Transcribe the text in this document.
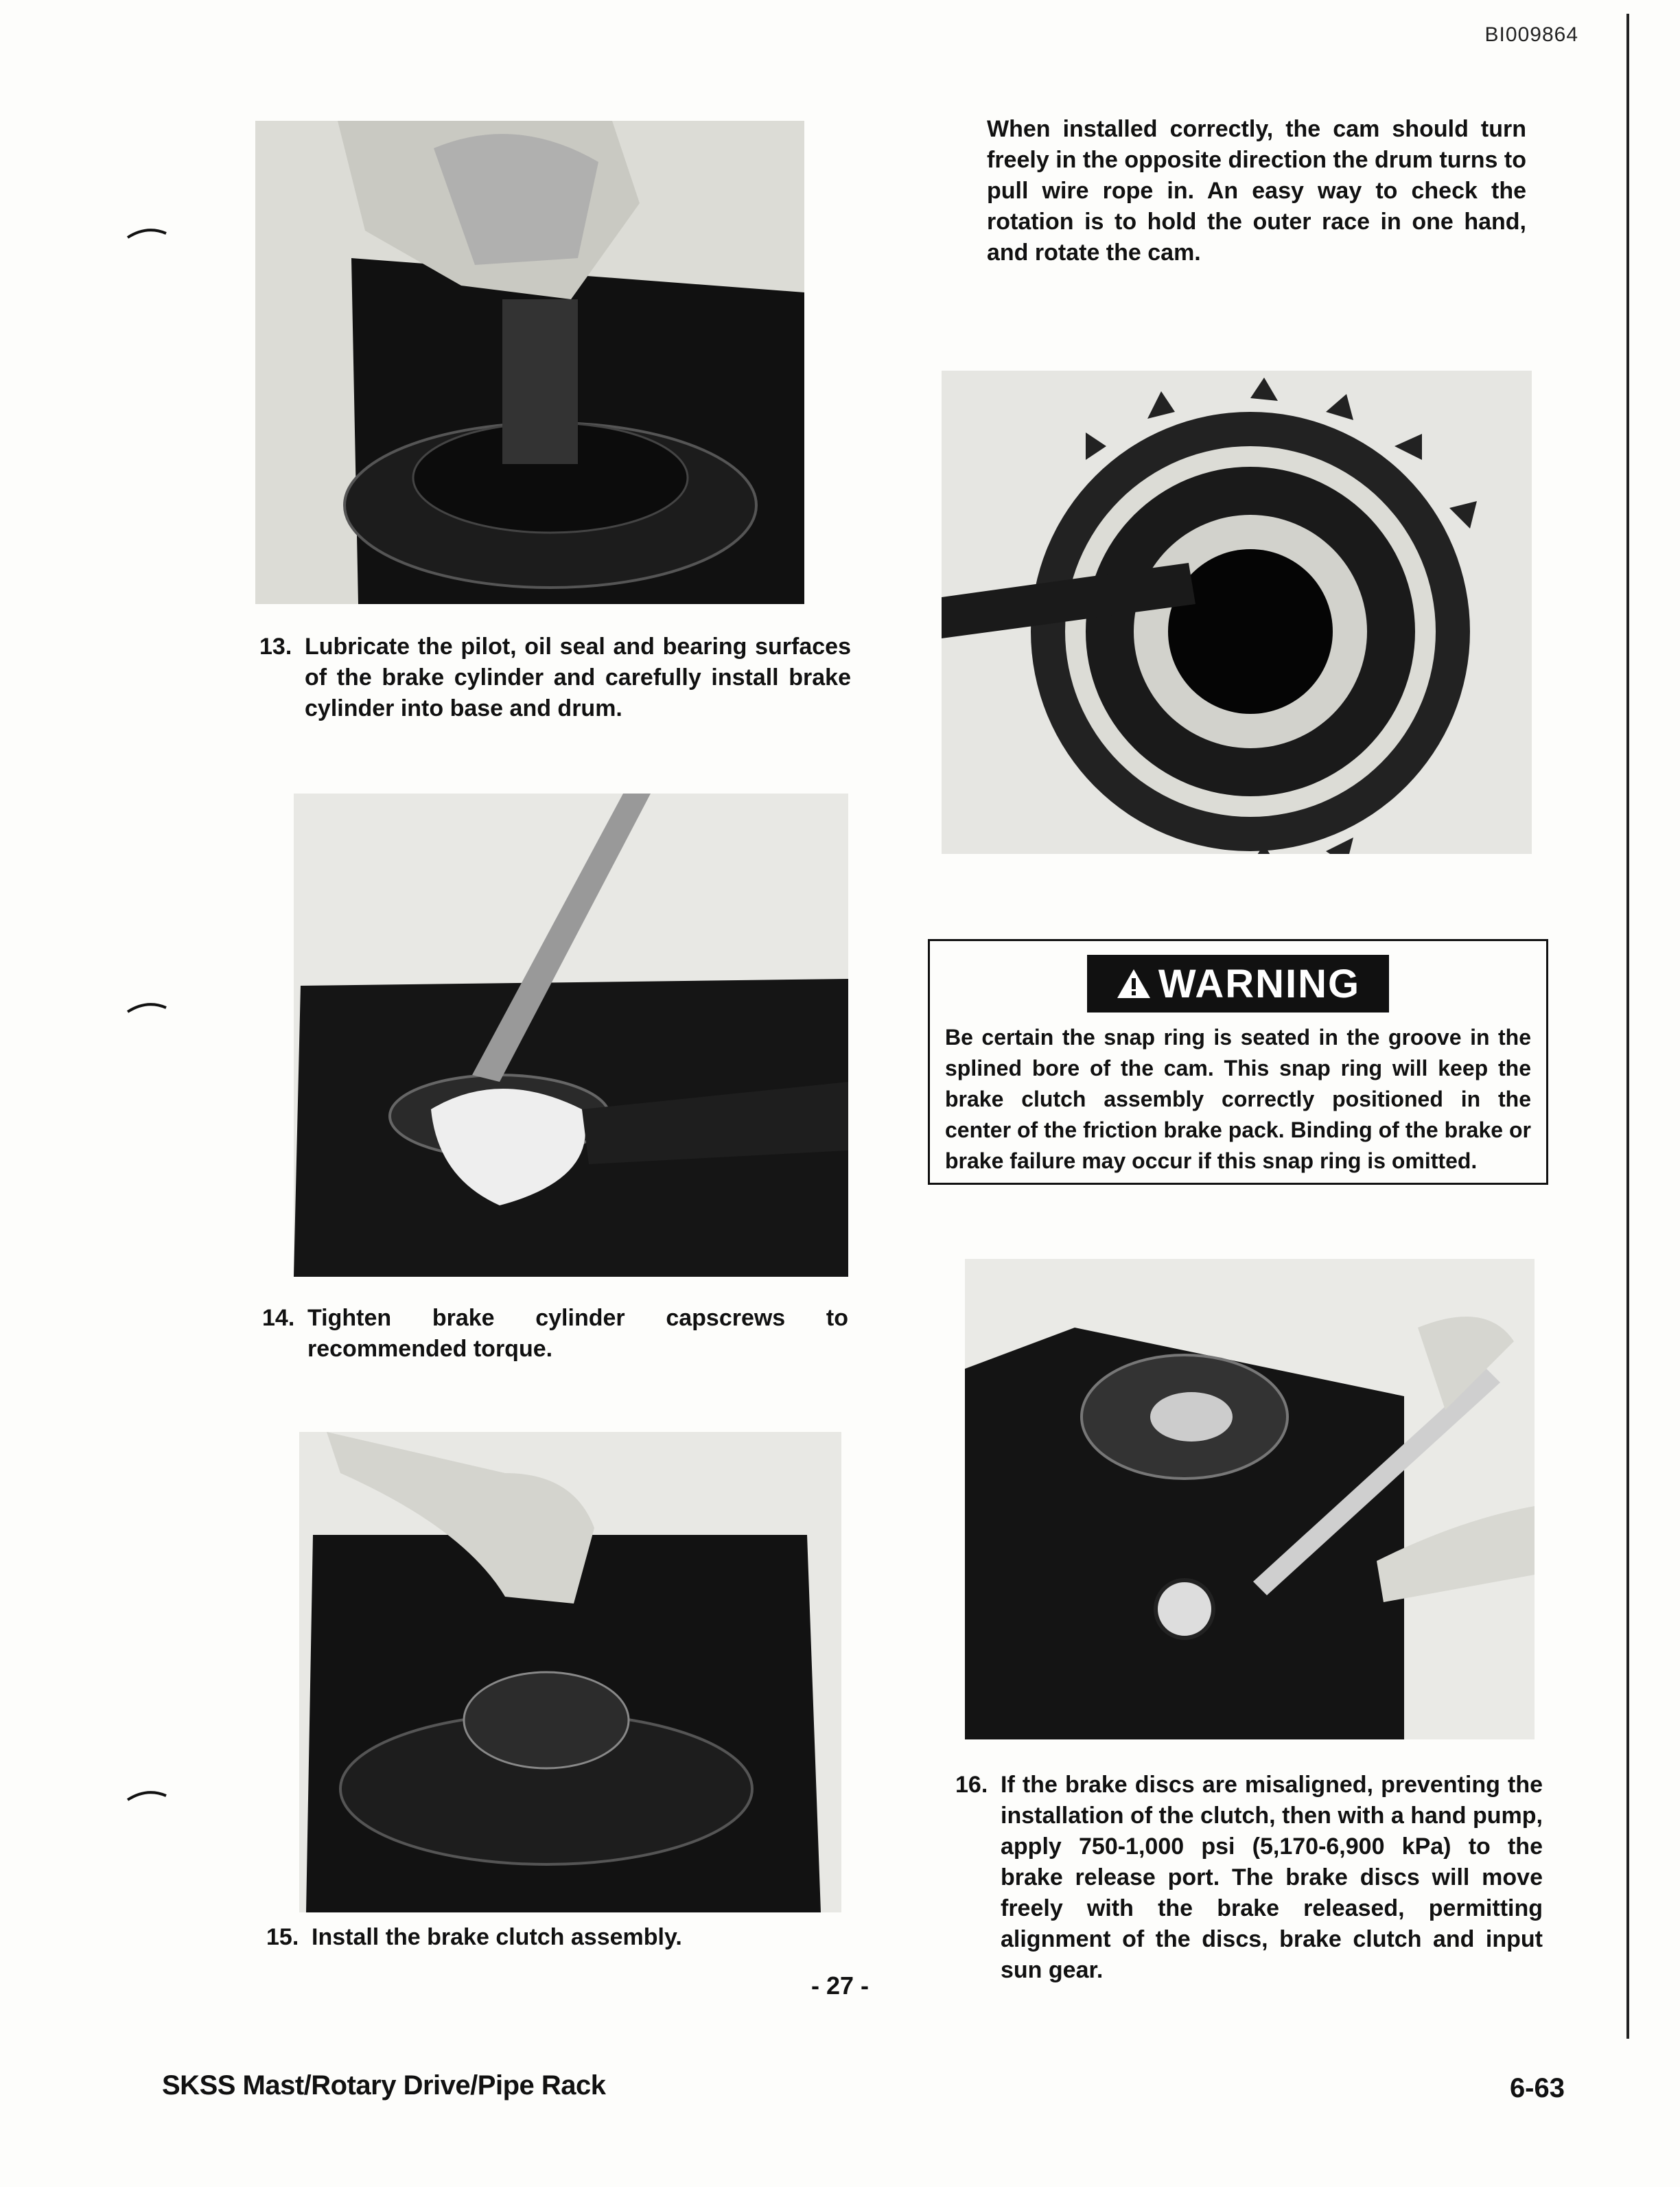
BI009864
When installed correctly, the cam should turn freely in the opposite direction the drum turns to pull wire rope in. An easy way to check the rotation is to hold the outer race in one hand, and rotate the cam.
13. Lubricate the pilot, oil seal and bearing surfaces of the brake cylinder and carefully install brake cylinder into base and drum.
WARNING
Be certain the snap ring is seated in the groove in the splined bore of the cam. This snap ring will keep the brake clutch assembly correctly positioned in the center of the friction brake pack. Binding of the brake or brake failure may occur if this snap ring is omitted.
14. Tighten brake cylinder capscrews to recommended torque.
16. If the brake discs are misaligned, preventing the installation of the clutch, then with a hand pump, apply 750-1,000 psi (5,170-6,900 kPa) to the brake release port. The brake discs will move freely with the brake released, permitting alignment of the discs, brake clutch and input sun gear.
15. Install the brake clutch assembly.
- 27 -
SKSS Mast/Rotary Drive/Pipe Rack	6-63
